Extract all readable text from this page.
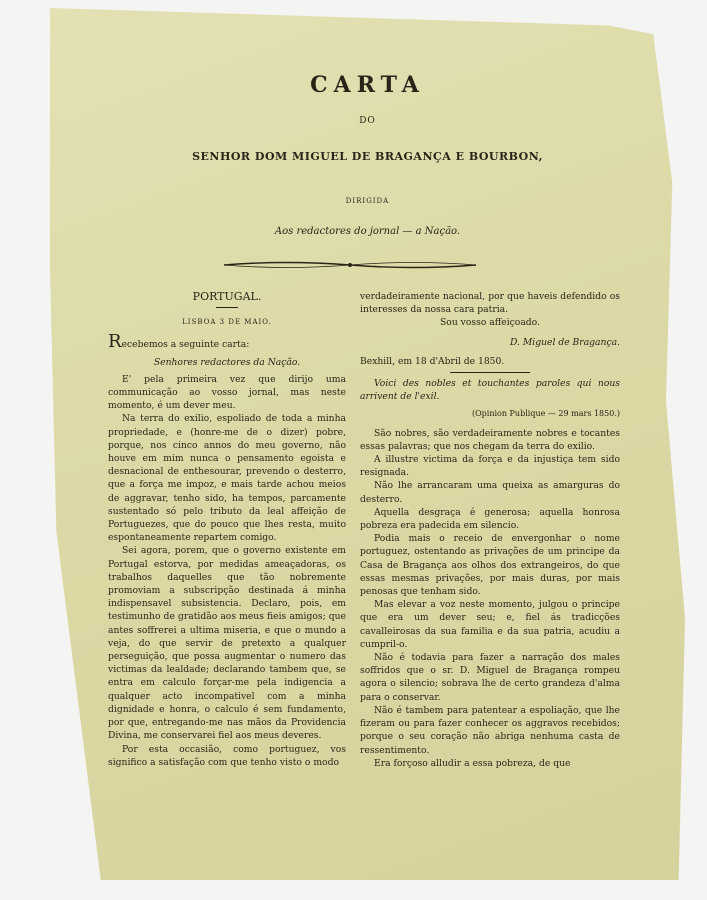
CARTA
DO
SENHOR DOM MIGUEL DE BRAGANÇA E BOURBON,
DIRIGIDA
Aos redactores do jornal — a Nação.

PORTUGAL.

LISBOA 3 DE MAIO.

Recebemos a seguinte carta:

Senhores redactores da Nação.

E' pela primeira vez que dirijo uma communicação ao vosso jornal, mas neste momento, é um dever meu.

Na terra do exilio, espoliado de toda a minha propriedade, e (honre-me de o dizer) pobre, porque, nos cinco annos do meu governo, não houve em mim nunca o pensamento egoista e desnacional de enthesourar, prevendo o desterro, que a força me impoz, e mais tarde achou meios de aggravar, tenho sido, ha tempos, parcamente sustentado só pelo tributo da leal affeição de Portuguezes, que do pouco que lhes resta, muito espontaneamente repartem comigo.

Sei agora, porem, que o governo existente em Portugal estorva, por medidas ameaçadoras, os trabalhos daquelles que tão nobremente promoviam a subscripção destinada á minha indispensavel subsistencia. Declaro, pois, em testimunho de gratidão aos meus fieis amigos; que antes soffrerei a ultima miseria, e que o mundo a veja, do que servir de pretexto a qualquer perseguição, que possa augmentar o numero das victimas da lealdade; declarando tambem que, se entra em calculo forçar-me pela indigencia a qualquer acto incompativel com a minha dignidade e honra, o calculo é sem fundamento, por que, entregando-me nas mãos da Providencia Divina, me conservarei fiel aos meus deveres.

Por esta occasião, como portuguez, vos significo a satisfação com que tenho visto o modo

verdadeiramente nacional, por que haveis defendido os interesses da nossa cara patria.

Sou vosso affeiçoado.

D. Miguel de Bragança.

Bexhill, em 18 d'Abril de 1850.

Voici des nobles et touchantes paroles qui nous arrivent de l'exil.

(Opinion Publique — 29 mars 1850.)

São nobres, são verdadeiramente nobres e tocantes essas palavras; que nos chegam da terra do exilio.

A illustre victima da força e da injustiça tem sido resignada.

Não lhe arrancaram uma queixa as amarguras do desterro.

Aquella desgraça é generosa; aquella honrosa pobreza era padecida em silencio.

Podia mais o receio de envergonhar o nome portuguez, ostentando as privações de um principe da Casa de Bragança aos olhos dos extrangeiros, do que essas mesmas privações, por mais duras, por mais penosas que tenham sido.

Mas elevar a voz neste momento, julgou o principe que era um dever seu; e, fiel ás tradicções cavalleirosas da sua familia e da sua patria, acudiu a cumpril-o.

Não é todavia para fazer a narração dos males soffridos que o sr. D. Miguel de Bragança rompeu agora o silencio; sobrava lhe de certo grandeza d'alma para o conservar.

Não é tambem para patentear a espoliação, que lhe fizeram ou para fazer conhecer os aggravos recebidos; porque o seu coração não abriga nenhuma casta de ressentimento.

Era forçoso alludir a essa pobreza, de que
